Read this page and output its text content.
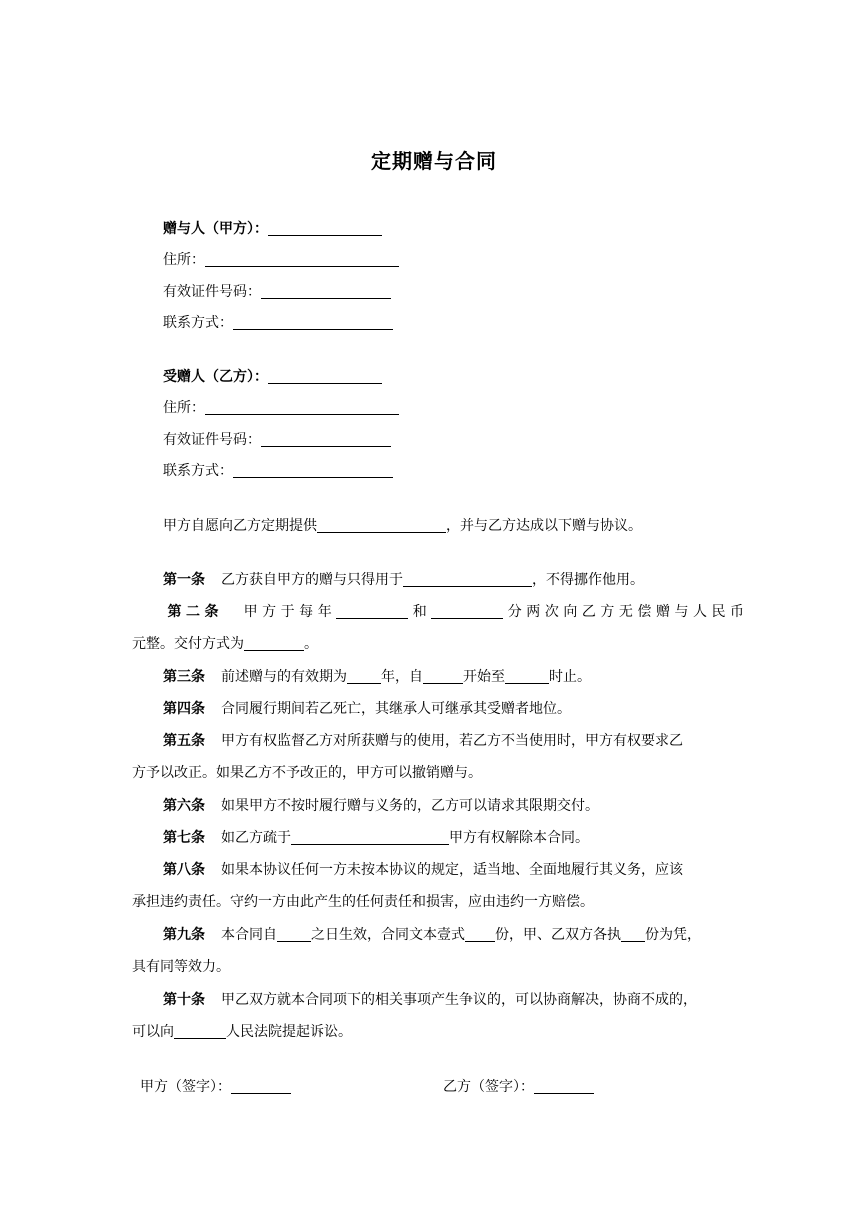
定期赠与合同
赠与人（甲方）：
住所：
有效证件号码：
联系方式：
受赠人（乙方）：
住所：
有效证件号码：
联系方式：
甲方自愿向乙方定期提供	，并与乙方达成以下赠与协议。
第一条 乙方获自甲方的赠与只得用于	，不得挪作他用。
第二条 甲方于每年	和	分两次向乙方无偿赠与人民币
元整。交付方式为	。
第三条 前述赠与的有效期为 年，自	开始至	时止。
第四条 合同履行期间若乙死亡，其继承人可继承其受赠者地位。
第五条 甲方有权监督乙方对所获赠与的使用，若乙方不当使用时，甲方有权要求乙
方予以改正。如果乙方不予改正的，甲方可以撤销赠与。
第六条 如果甲方不按时履行赠与义务的，乙方可以请求其限期交付。
第七条 如乙方疏于	甲方有权解除本合同。
第八条 如果本协议任何一方未按本协议的规定，适当地、全面地履行其义务，应该
承担违约责任。守约一方由此产生的任何责任和损害，应由违约一方赔偿。
第九条 本合同自 之日生效，合同文本壹式 份，甲、乙双方各执 份为凭，
具有同等效力。
第十条 甲乙双方就本合同项下的相关事项产生争议的，可以协商解决，协商不成的，
可以向	人民法院提起诉讼。
甲方（签字）：	乙方（签字）：
